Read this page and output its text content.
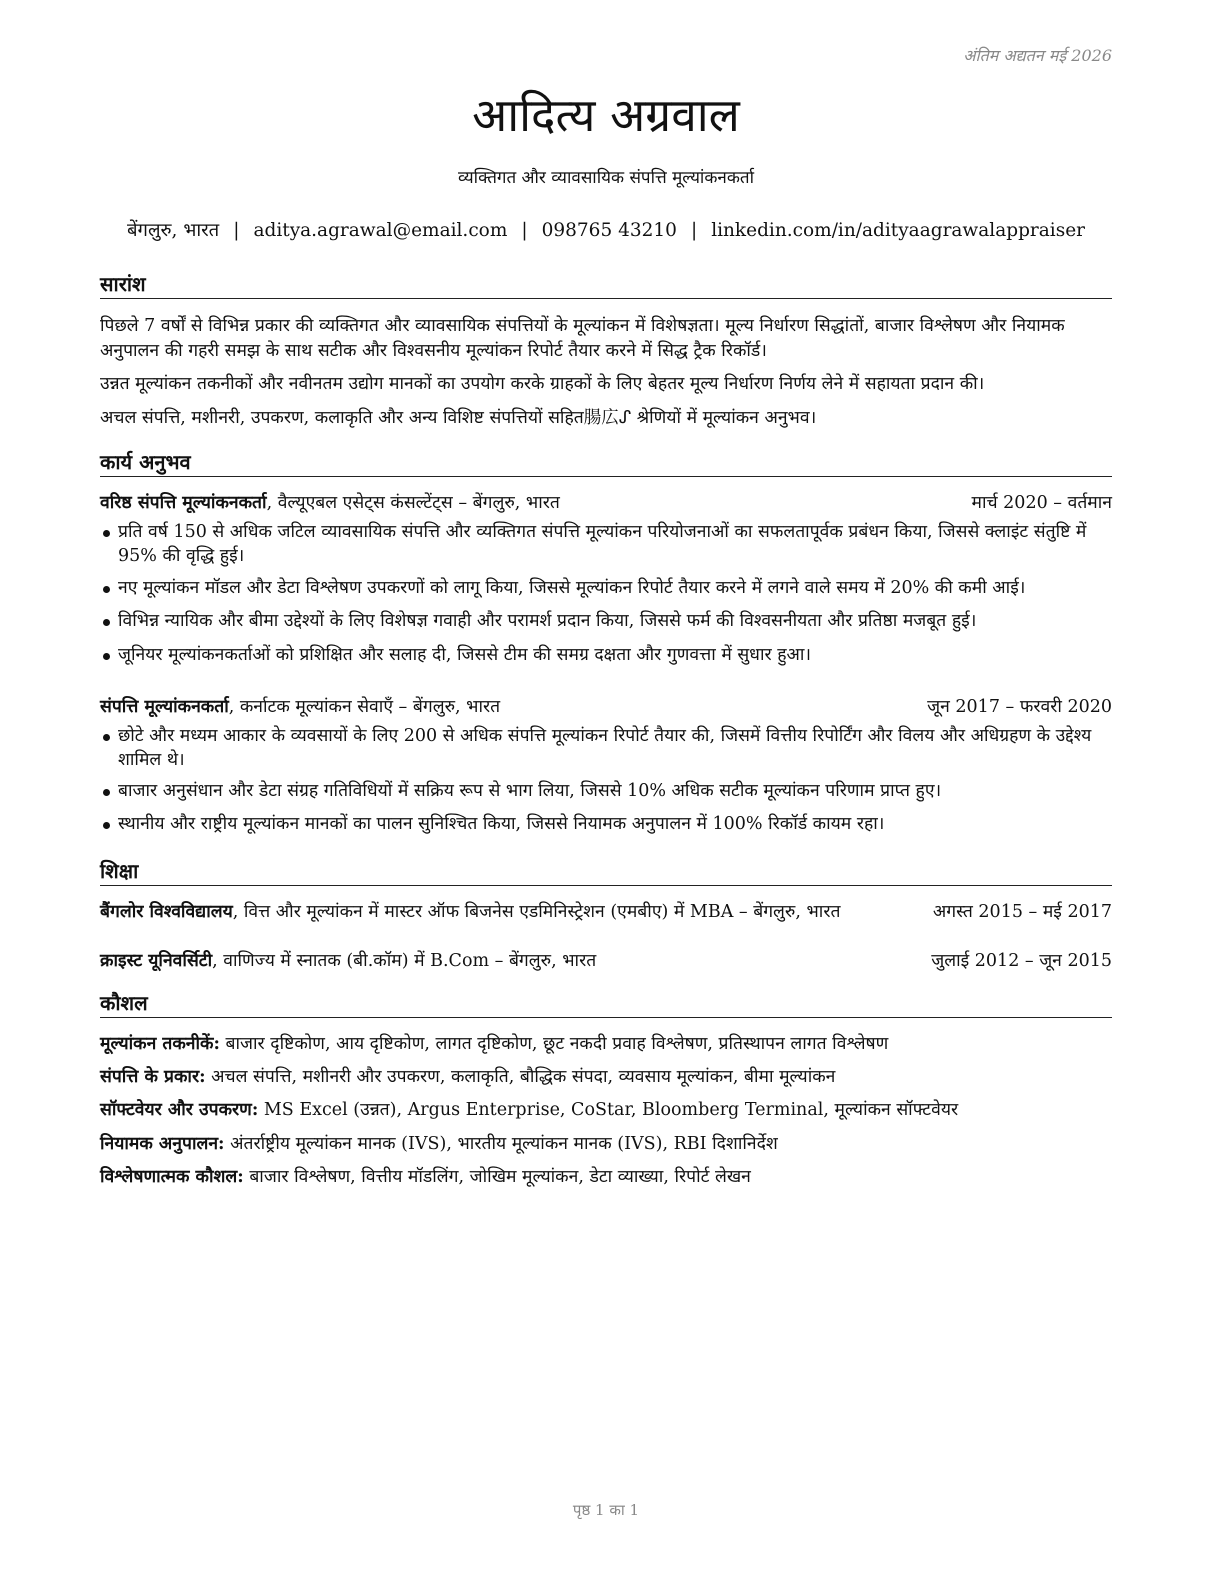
अंतिम अद्यतन मई 2026
आदित्य अग्रवाल
व्यक्तिगत और व्यावसायिक संपत्ति मूल्यांकनकर्ता
बेंगलुरु, भारत | aditya.agrawal@email.com | 098765 43210 | linkedin.com/in/adityaagrawalappraiser
सारांश
पिछले 7 वर्षों से विभिन्न प्रकार की व्यक्तिगत और व्यावसायिक संपत्तियों के मूल्यांकन में विशेषज्ञता। मूल्य निर्धारण सिद्धांतों, बाजार विश्लेषण और नियामक अनुपालन की गहरी समझ के साथ सटीक और विश्वसनीय मूल्यांकन रिपोर्ट तैयार करने में सिद्ध ट्रैक रिकॉर्ड।
उन्नत मूल्यांकन तकनीकों और नवीनतम उद्योग मानकों का उपयोग करके ग्राहकों के लिए बेहतर मूल्य निर्धारण निर्णय लेने में सहायता प्रदान की।
अचल संपत्ति, मशीनरी, उपकरण, कलाकृति और अन्य विशिष्ट संपत्तियों सहित腸広ᔑ श्रेणियों में मूल्यांकन अनुभव।
कार्य अनुभव
वरिष्ठ संपत्ति मूल्यांकनकर्ता, वैल्यूएबल एसेट्स कंसल्टेंट्स – बेंगलुरु, भारत	मार्च 2020 – वर्तमान
प्रति वर्ष 150 से अधिक जटिल व्यावसायिक संपत्ति और व्यक्तिगत संपत्ति मूल्यांकन परियोजनाओं का सफलतापूर्वक प्रबंधन किया, जिससे क्लाइंट संतुष्टि में 95% की वृद्धि हुई।
नए मूल्यांकन मॉडल और डेटा विश्लेषण उपकरणों को लागू किया, जिससे मूल्यांकन रिपोर्ट तैयार करने में लगने वाले समय में 20% की कमी आई।
विभिन्न न्यायिक और बीमा उद्देश्यों के लिए विशेषज्ञ गवाही और परामर्श प्रदान किया, जिससे फर्म की विश्वसनीयता और प्रतिष्ठा मजबूत हुई।
जूनियर मूल्यांकनकर्ताओं को प्रशिक्षित और सलाह दी, जिससे टीम की समग्र दक्षता और गुणवत्ता में सुधार हुआ।
संपत्ति मूल्यांकनकर्ता, कर्नाटक मूल्यांकन सेवाएँ – बेंगलुरु, भारत	जून 2017 – फरवरी 2020
छोटे और मध्यम आकार के व्यवसायों के लिए 200 से अधिक संपत्ति मूल्यांकन रिपोर्ट तैयार की, जिसमें वित्तीय रिपोर्टिंग और विलय और अधिग्रहण के उद्देश्य शामिल थे।
बाजार अनुसंधान और डेटा संग्रह गतिविधियों में सक्रिय रूप से भाग लिया, जिससे 10% अधिक सटीक मूल्यांकन परिणाम प्राप्त हुए।
स्थानीय और राष्ट्रीय मूल्यांकन मानकों का पालन सुनिश्चित किया, जिससे नियामक अनुपालन में 100% रिकॉर्ड कायम रहा।
शिक्षा
बैंगलोर विश्वविद्यालय, वित्त और मूल्यांकन में मास्टर ऑफ बिजनेस एडमिनिस्ट्रेशन (एमबीए) में MBA – बेंगलुरु, भारत	अगस्त 2015 – मई 2017
क्राइस्ट यूनिवर्सिटी, वाणिज्य में स्नातक (बी.कॉम) में B.Com – बेंगलुरु, भारत	जुलाई 2012 – जून 2015
कौशल
मूल्यांकन तकनीकें: बाजार दृष्टिकोण, आय दृष्टिकोण, लागत दृष्टिकोण, छूट नकदी प्रवाह विश्लेषण, प्रतिस्थापन लागत विश्लेषण
संपत्ति के प्रकार: अचल संपत्ति, मशीनरी और उपकरण, कलाकृति, बौद्धिक संपदा, व्यवसाय मूल्यांकन, बीमा मूल्यांकन
सॉफ्टवेयर और उपकरण: MS Excel (उन्नत), Argus Enterprise, CoStar, Bloomberg Terminal, मूल्यांकन सॉफ्टवेयर
नियामक अनुपालन: अंतर्राष्ट्रीय मूल्यांकन मानक (IVS), भारतीय मूल्यांकन मानक (IVS), RBI दिशानिर्देश
विश्लेषणात्मक कौशल: बाजार विश्लेषण, वित्तीय मॉडलिंग, जोखिम मूल्यांकन, डेटा व्याख्या, रिपोर्ट लेखन
पृष्ठ 1 का 1
